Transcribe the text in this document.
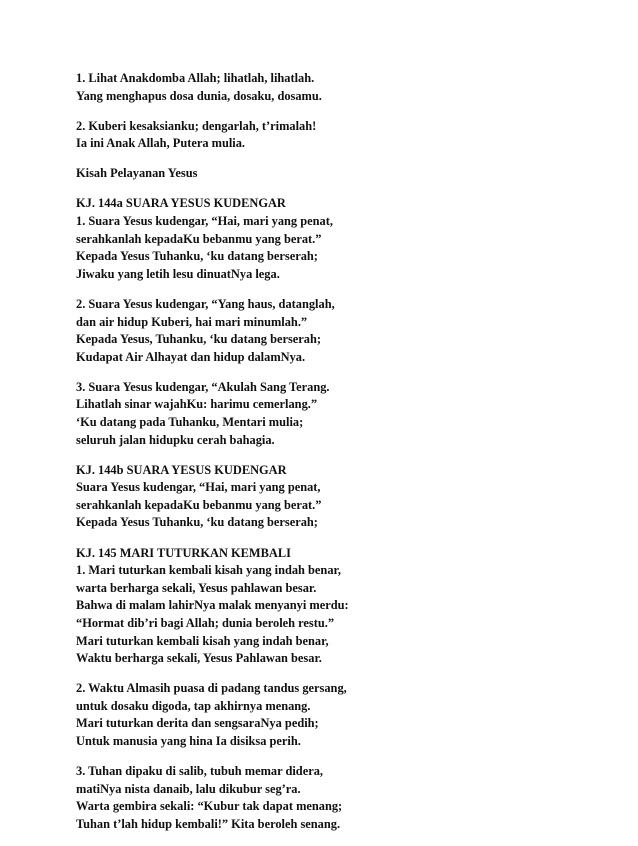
1. Lihat Anakdomba Allah; lihatlah, lihatlah.
Yang menghapus dosa dunia, dosaku, dosamu.
2. Kuberi kesaksianku; dengarlah, t’rimalah!
Ia ini Anak Allah, Putera mulia.
Kisah Pelayanan Yesus
KJ. 144a SUARA YESUS KUDENGAR
1. Suara Yesus kudengar, “Hai, mari yang penat,
serahkanlah kepadaKu bebanmu yang berat.”
Kepada Yesus Tuhanku, ‘ku datang berserah;
Jiwaku yang letih lesu dinuatNya lega.
2. Suara Yesus kudengar, “Yang haus, datanglah,
dan air hidup Kuberi, hai mari minumlah.”
Kepada Yesus, Tuhanku, ‘ku datang berserah;
Kudapat Air Alhayat dan hidup dalamNya.
3. Suara Yesus kudengar, “Akulah Sang Terang.
Lihatlah sinar wajahKu: harimu cemerlang.”
‘Ku datang pada Tuhanku, Mentari mulia;
seluruh jalan hidupku cerah bahagia.
KJ. 144b SUARA YESUS KUDENGAR
Suara Yesus kudengar, “Hai, mari yang penat,
serahkanlah kepadaKu bebanmu yang berat.”
Kepada Yesus Tuhanku, ‘ku datang berserah;
KJ. 145 MARI TUTURKAN KEMBALI
1. Mari tuturkan kembali kisah yang indah benar,
warta berharga sekali, Yesus pahlawan besar.
Bahwa di malam lahirNya malak menyanyi merdu:
“Hormat dib’ri bagi Allah; dunia beroleh restu.”
Mari tuturkan kembali kisah yang indah benar,
Waktu berharga sekali, Yesus Pahlawan besar.
2. Waktu Almasih puasa di padang tandus gersang,
untuk dosaku digoda, tap akhirnya menang.
Mari tuturkan derita dan sengsaraNya pedih;
Untuk manusia yang hina Ia disiksa perih.
3. Tuhan dipaku di salib, tubuh memar didera,
matiNya nista danaib, lalu dikubur seg’ra.
Warta gembira sekali: “Kubur tak dapat menang;
Tuhan t’lah hidup kembali!” Kita beroleh senang.
